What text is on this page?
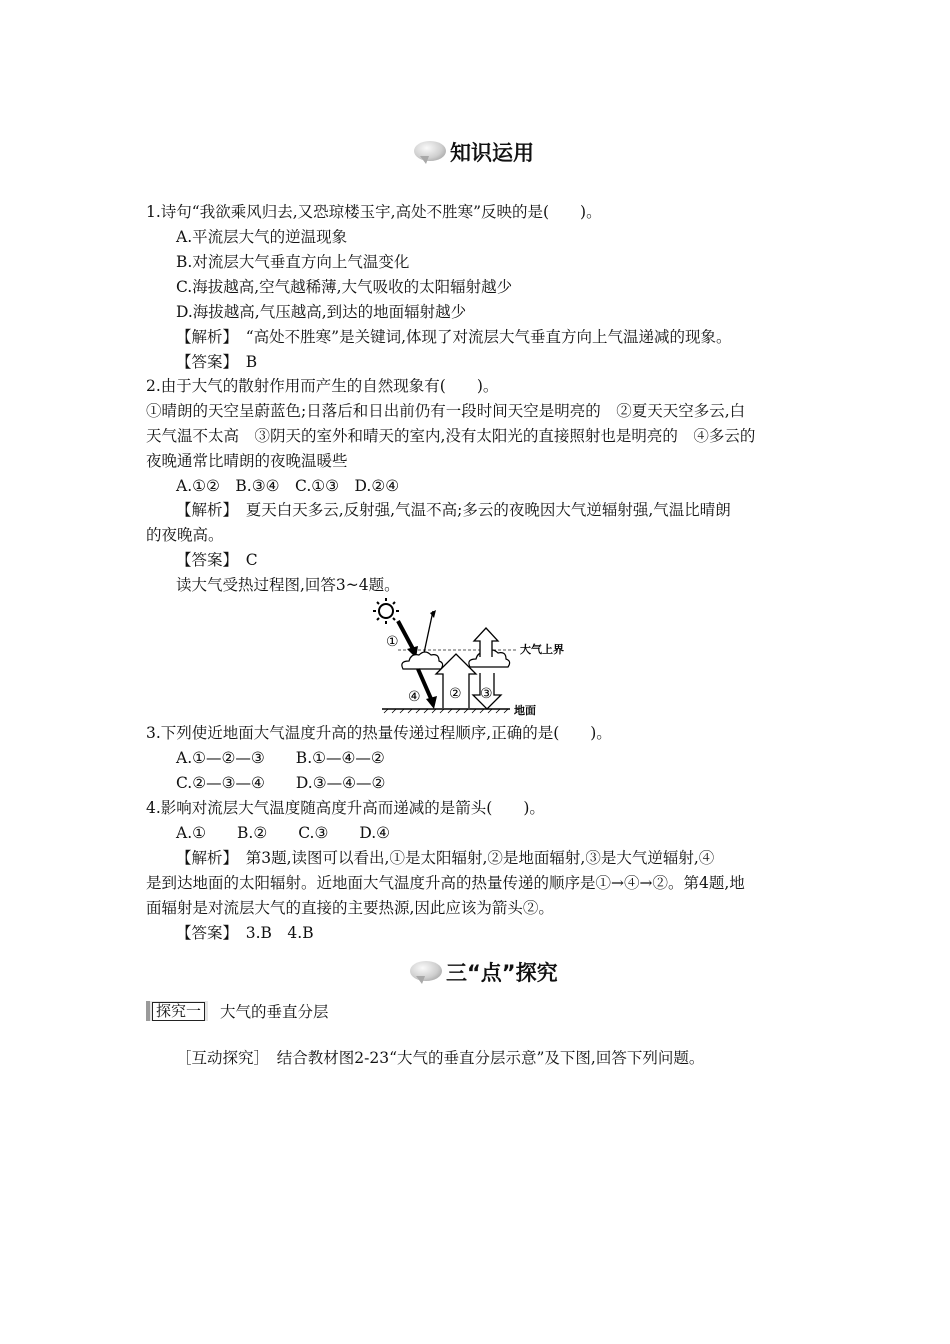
知识运用
1.诗句“我欲乘风归去,又恐琼楼玉宇,高处不胜寒”反映的是(　　)。
A.平流层大气的逆温现象
B.对流层大气垂直方向上气温变化
C.海拔越高,空气越稀薄,大气吸收的太阳辐射越少
D.海拔越高,气压越高,到达的地面辐射越少
【解析】　“高处不胜寒”是关键词,体现了对流层大气垂直方向上气温递减的现象。
【答案】　B
2.由于大气的散射作用而产生的自然现象有(　　)。
①晴朗的天空呈蔚蓝色;日落后和日出前仍有一段时间天空是明亮的　②夏天天空多云,白
天气温不太高　③阴天的室外和晴天的室内,没有太阳光的直接照射也是明亮的　④多云的
夜晚通常比晴朗的夜晚温暖些
A.①②　B.③④　C.①③　D.②④
【解析】　夏天白天多云,反射强,气温不高;多云的夜晚因大气逆辐射强,气温比晴朗
的夜晚高。
【答案】　C
读大气受热过程图,回答3~4题。
①
④ ② ③
大气上界
地面
3.下列使近地面大气温度升高的热量传递过程顺序,正确的是(　　)。
A.①—②—③　　B.①—④—②
C.②—③—④　　D.③—④—②
4.影响对流层大气温度随高度升高而递减的是箭头(　　)。
A.①　　B.②　　C.③　　D.④
【解析】　第3题,读图可以看出,①是太阳辐射,②是地面辐射,③是大气逆辐射,④
是到达地面的太阳辐射。近地面大气温度升高的热量传递的顺序是①→④→②。第4题,地
面辐射是对流层大气的直接的主要热源,因此应该为箭头②。
【答案】　3.B　4.B
三“点”探究
探究一	大气的垂直分层
［互动探究］　结合教材图2-23“大气的垂直分层示意”及下图,回答下列问题。
